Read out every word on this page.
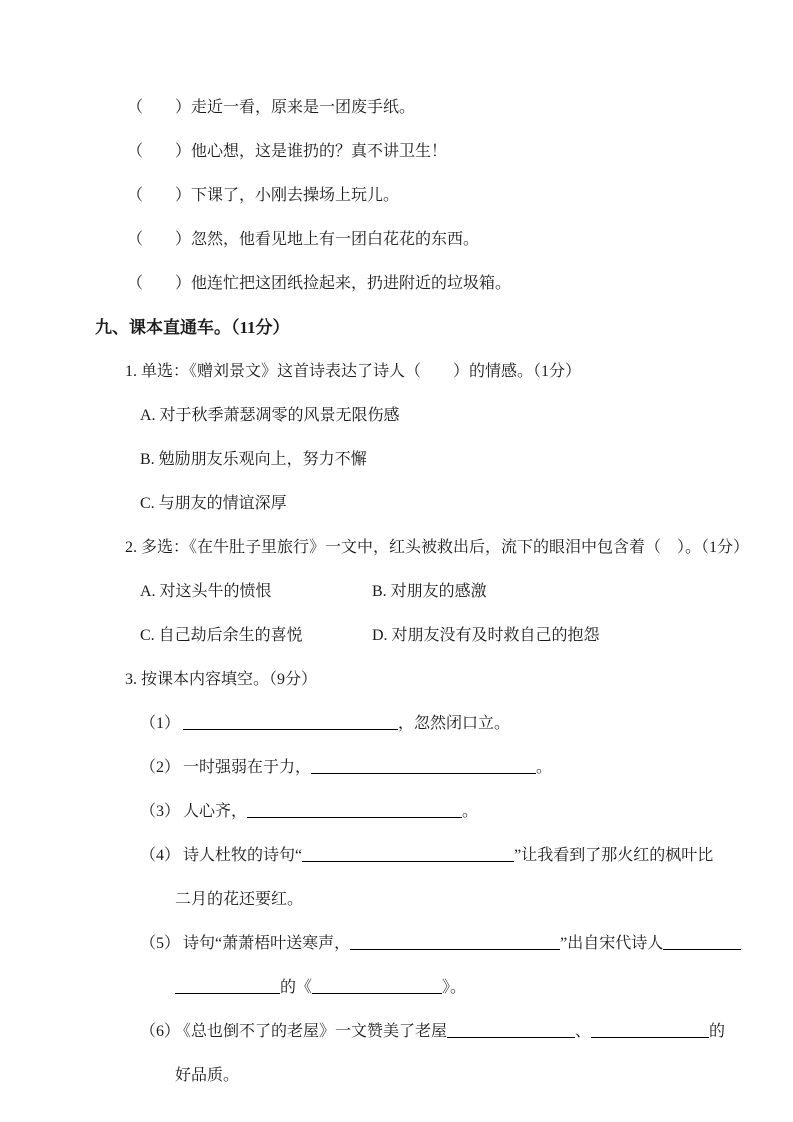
（　　）走近一看，原来是一团废手纸。
（　　）他心想，这是谁扔的？真不讲卫生！
（　　）下课了，小刚去操场上玩儿。
（　　）忽然，他看见地上有一团白花花的东西。
（　　）他连忙把这团纸捡起来，扔进附近的垃圾箱。
九、课本直通车。（11分）
1. 单选：《赠刘景文》这首诗表达了诗人（　　）的情感。（1分）
A. 对于秋季萧瑟凋零的风景无限伤感
B. 勉励朋友乐观向上，努力不懈
C. 与朋友的情谊深厚
2. 多选：《在牛肚子里旅行》一文中，红头被救出后，流下的眼泪中包含着（　）。（1分）
A. 对这头牛的愤恨	B. 对朋友的感激
C. 自己劫后余生的喜悦	D. 对朋友没有及时救自己的抱怨
3. 按课本内容填空。（9分）
（1）	，忽然闭口立。
（2） 一时强弱在于力，	。
（3） 人心齐，	。
（4） 诗人杜牧的诗句“	”让我看到了那火红的枫叶比
二月的花还要红。
（5） 诗句“萧萧梧叶送寒声，	”出自宋代诗人
的《	》。
（6） 《总也倒不了的老屋》一文赞美了老屋	、	的
好品质。
